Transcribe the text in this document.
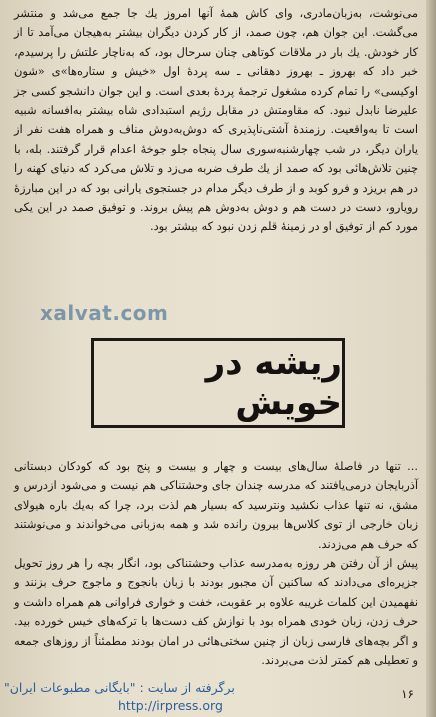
می‌نوشت، به‌زبان‌مادری، وای کاش همهٔ آنها امروز یك جا جمع می‌شد و منتشر می‌گشت. این جوان هم، چون صمد، از کار کردن دیگران بیشتر به‌هیجان می‌آمد تا از کار خودش. یك بار در ملاقات کوتاهی چنان سرحال بود، که به‌ناچار علتش را پرسیدم، خبر داد که بهروز ـ بهروز دهقانی ـ سه پردهٔ اول «خیش و ستاره‌ها»ی «شون اوکیسی» را تمام کرده مشغول ترجمهٔ پردهٔ بعدی است. و این جوان دانشجو کسی جز علیرضا نابدل نبود. که مقاومتش در مقابل رژیم استبدادی شاه بیشتر به‌افسانه شبیه است تا به‌واقعیت. رزمندهٔ آشتی‌ناپذیری که دوش‌به‌دوش مناف و همراه هفت نفر از یاران دیگر، در شب چهارشنبه‌سوری سال پنجاه جلو جوخهٔ اعدام قرار گرفتند. بله، با چنین تلاش‌هائی بود که صمد از یك طرف ضربه می‌زد و تلاش می‌کرد که دنیای کهنه را در هم بریزد و فرو کوبد و از طرف دیگر مدام در جستجوی یارانی بود که در این مبارزهٔ رویارو، دست در دست هم و دوش به‌دوش هم پیش بروند. و توفیق صمد در این یکی مورد کم از توفیق او در زمینهٔ قلم زدن نبود که بیشتر بود.

xalvat.com
ریشه در خویش

... تنها در فاصلهٔ سال‌های بیست و چهار و بیست و پنج بود که کودکان دبستانی آذربایجان درمی‌یافتند که مدرسه چندان جای وحشتناکی هم نیست و می‌شود ازدرس و مشق، نه تنها عذاب نکشید ونترسید که بسیار هم لذت برد، چرا که به‌یك باره هیولای زبان خارجی از توی کلاس‌ها بیرون رانده شد و همه به‌زبانی می‌خواندند و می‌نوشتند که حرف هم می‌زدند.

پیش از آن رفتن هر روزه به‌مدرسه عذاب وحشتناکی بود، انگار بچه را هر روز تحویل جزیره‌ای می‌دادند که ساکنین آن مجبور بودند با زبان بانجوج و ماجوج حرف بزنند و نفهمیدن این کلمات غریبه علاوه بر عقوبت، خفت و خواری فراوانی هم همراه داشت و حرف زدن، زبان خودی همراه بود با نوازش کف دست‌ها با ترکه‌های خیس خورده بید. و اگر بچه‌های فارسی زبان از چنین سختی‌هائی در امان بودند مطمئناً از روزهای جمعه و تعطیلی هم کمتر لذت می‌بردند.

برگرفته از سایت : "بایگانی مطبوعات ایران"
http://irpress.org
۱۶
